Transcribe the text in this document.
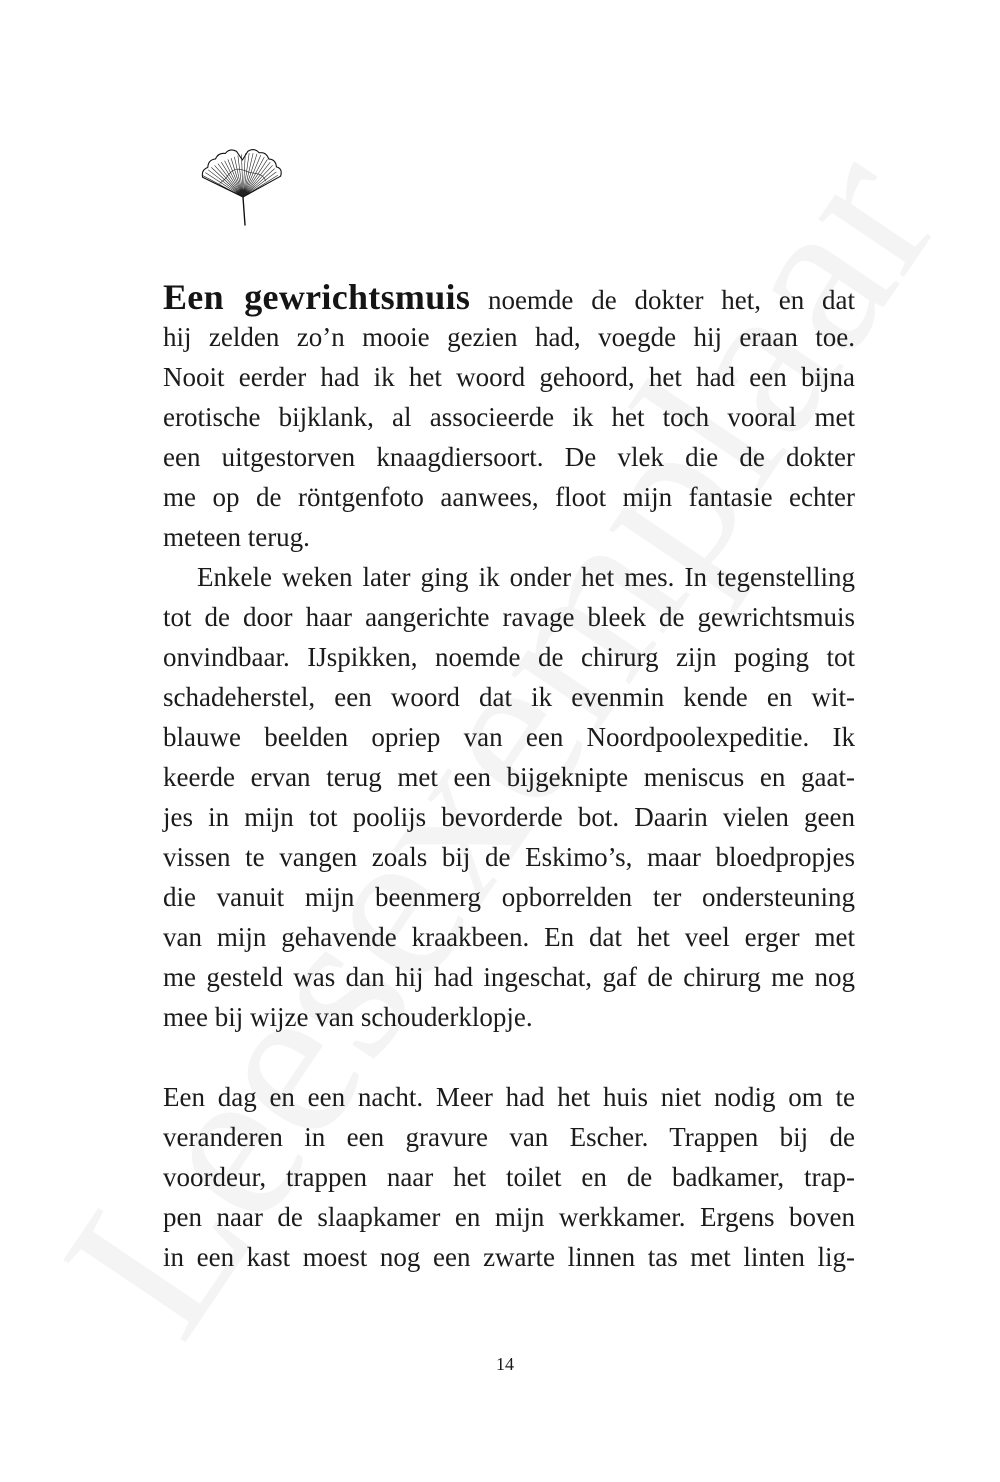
Een gewrichtsmuis noemde de dokter het, en dat
hij zelden zo’n mooie gezien had, voegde hij eraan toe.
Nooit eerder had ik het woord gehoord, het had een bijna
erotische bijklank, al associeerde ik het toch vooral met
een uitgestorven knaagdiersoort. De vlek die de dokter
me op de röntgenfoto aanwees, floot mijn fantasie echter
meteen terug.
Enkele weken later ging ik onder het mes. In tegenstelling
tot de door haar aangerichte ravage bleek de gewrichtsmuis
onvindbaar. IJspikken, noemde de chirurg zijn poging tot
schadeherstel, een woord dat ik evenmin kende en wit-
blauwe beelden opriep van een Noordpoolexpeditie. Ik
keerde ervan terug met een bijgeknipte meniscus en gaat-
jes in mijn tot poolijs bevorderde bot. Daarin vielen geen
vissen te vangen zoals bij de Eskimo’s, maar bloedpropjes
die vanuit mijn beenmerg opborrelden ter ondersteuning
van mijn gehavende kraakbeen. En dat het veel erger met
me gesteld was dan hij had ingeschat, gaf de chirurg me nog
mee bij wijze van schouderklopje.
Een dag en een nacht. Meer had het huis niet nodig om te
veranderen in een gravure van Escher. Trappen bij de
voordeur, trappen naar het toilet en de badkamer, trap-
pen naar de slaapkamer en mijn werkkamer. Ergens boven
in een kast moest nog een zwarte linnen tas met linten lig-
14
